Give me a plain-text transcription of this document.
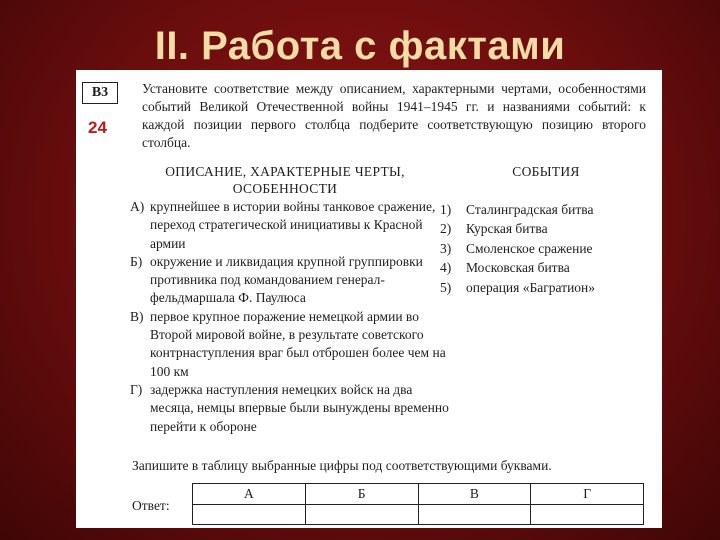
II. Работа с фактами
В3
24
Установите соответствие между описанием, характерными чертами, особенностями событий Великой Отечественной войны 1941–1945 гг. и названиями событий: к каждой позиции первого столбца подберите соответствующую позицию второго столбца.
ОПИСАНИЕ, ХАРАКТЕРНЫЕ ЧЕРТЫ, ОСОБЕННОСТИ
СОБЫТИЯ
А) крупнейшее в истории войны танковое сражение, переход стратегической инициативы к Красной армии
Б) окружение и ликвидация крупной группировки противника под командованием генерал-фельдмаршала Ф. Паулюса
В) первое крупное поражение немецкой армии во Второй мировой войне, в результате советского контрнаступления враг был отброшен более чем на 100 км
Г) задержка наступления немецких войск на два месяца, немцы впервые были вынуждены временно перейти к обороне
1)	Сталинградская битва
2)	Курская битва
3)	Смоленское сражение
4)	Московская битва
5)	операция «Багратион»
Запишите в таблицу выбранные цифры под соответствующими буквами.
Ответ:
А	Б	В	Г
